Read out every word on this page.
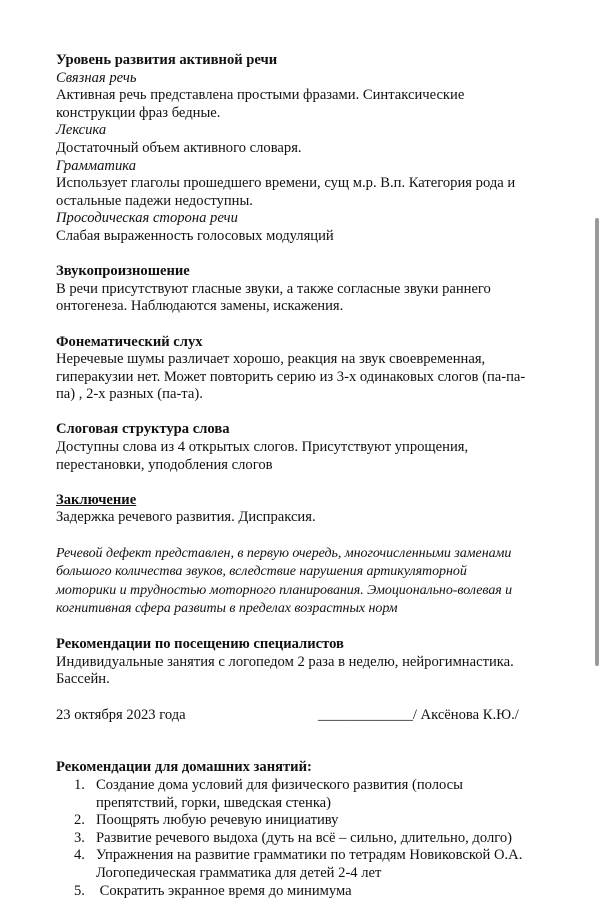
Уровень развития активной речи
Связная речь
Активная речь представлена простыми фразами. Синтаксические
конструкции фраз бедные.
Лексика
Достаточный объем активного словаря.
Грамматика
Использует глаголы прошедшего времени, сущ м.р. В.п. Категория рода и
остальные падежи недоступны.
Просодическая сторона речи
Слабая выраженность голосовых модуляций
Звукопроизношение
В речи присутствуют гласные звуки, а также согласные звуки раннего
онтогенеза. Наблюдаются замены, искажения.
Фонематический слух
Неречевые шумы различает хорошо, реакция на звук своевременная,
гиперакузии нет. Может повторить серию из 3-х одинаковых слогов (па-па-
па) , 2-х разных (па-та).
Слоговая структура слова
Доступны слова из 4 открытых слогов. Присутствуют упрощения,
перестановки, уподобления слогов
Заключение
Задержка речевого развития. Диспраксия.
Речевой дефект представлен, в первую очередь, многочисленными заменами
большого количества звуков, вследствие нарушения артикуляторной
моторики и трудностью моторного планирования. Эмоционально-волевая и
когнитивная сфера развиты в пределах возрастных норм
Рекомендации по посещению специалистов
Индивидуальные занятия с логопедом 2 раза в неделю, нейрогимнастика.
Бассейн.
23 октября 2023 года	_____________/ Аксёнова К.Ю./
Рекомендации для домашних занятий:
1. Создание дома условий для физического развития (полосы
препятствий, горки, шведская стенка)
2. Поощрять любую речевую инициативу
3. Развитие речевого выдоха (дуть на всё – сильно, длительно, долго)
4. Упражнения на развитие грамматики по тетрадям Новиковской О.А.
Логопедическая грамматика для детей 2-4 лет
5. Сократить экранное время до минимума
